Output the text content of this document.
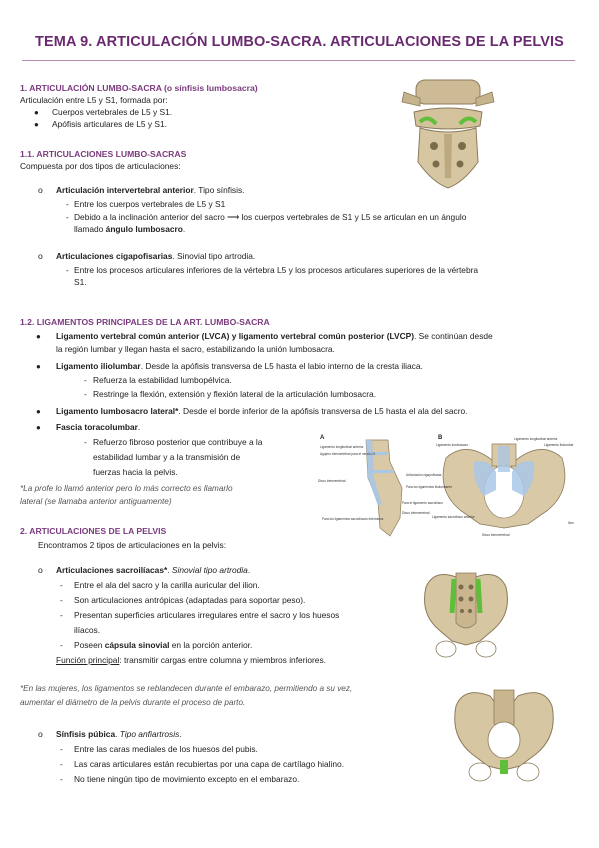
TEMA 9. ARTICULACIÓN LUMBO-SACRA. ARTICULACIONES DE LA PELVIS
1. ARTICULACIÓN LUMBO-SACRA (o sínfisis lumbosacra)
Articulación entre L5 y S1, formada por:
● Cuerpos vertebrales de L5 y S1.
● Apófisis articulares de L5 y S1.
1.1. ARTICULACIONES LUMBO-SACRAS
Compuesta por dos tipos de articulaciones:
o Articulación intervertebral anterior. Tipo sínfisis.
- Entre los cuerpos vertebrales de L5 y S1
- Debido a la inclinación anterior del sacro ⟶ los cuerpos vertebrales de S1 y L5 se articulan en un ángulo
llamado ángulo lumbosacro.
o Articulaciones cigapofisarias. Sinovial tipo artrodia.
- Entre los procesos articulares inferiores de la vértebra L5 y los procesos articulares superiores de la vértebra
S1.
1.2. LIGAMENTOS PRINCIPALES DE LA ART. LUMBO-SACRA
● Ligamento vertebral común anterior (LVCA) y ligamento vertebral común posterior (LVCP). Se continúan desde
la región lumbar y llegan hasta el sacro, estabilizando la unión lumbosacra.
● Ligamento iliolumbar. Desde la apófisis transversa de L5 hasta el labio interno de la cresta iliaca.
- Refuerza la estabilidad lumbopélvica.
- Restringe la flexión, extensión y flexión lateral de la articulación lumbosacra.
● Ligamento lumbosacro lateral*. Desde el borde inferior de la apófisis transversa de L5 hasta el ala del sacro.
● Fascia toracolumbar.
- Refuerzo fibroso posterior que contribuye a la
estabilidad lumbar y a la transmisión de
fuerzas hacia la pelvis.
*La profe lo llamó anterior pero lo más correcto es llamarlo
lateral (se llamaba anterior antiguamente)
2. ARTICULACIONES DE LA PELVIS
Encontramos 2 tipos de articulaciones en la pelvis:
o Articulaciones sacroilíacas*. Sinovial tipo artrodia.
- Entre el ala del sacro y la carilla auricular del ilion.
- Son articulaciones antrópicas (adaptadas para soportar peso).
- Presentan superficies articulares irregulares entre el sacro y los huesos
ilíacos.
- Poseen cápsula sinovial en la porción anterior.
Función principal: transmitir cargas entre columna y miembros inferiores.
*En las mujeres, los ligamentos se reblandecen durante el embarazo, permitiendo a su vez,
aumentar el diámetro de la pelvis durante el proceso de parto.
o Sínfisis púbica. Tipo anfiartrosis.
- Entre las caras mediales de los huesos del pubis.
- Las caras articulares están recubiertas por una capa de cartílago hialino.
- No tiene ningún tipo de movimiento excepto en el embarazo.
A	B
Ligamento longitudinal anterior
Agujero intervertebral para el nervio L5
Disco intervertebral
Articulación cigapofisaria
Para los ligamentos iliolumbares
Para los ligamentos sacroilíacos interóseos
Para el ligamento sacroilíaco
Disco intervertebral
Ligamento longitudinal anterior
Ligamento lumbosacro	Ligamento iliolumbar
Ligamento sacroilíaco anterior
Ilion
Disco intervertebral
